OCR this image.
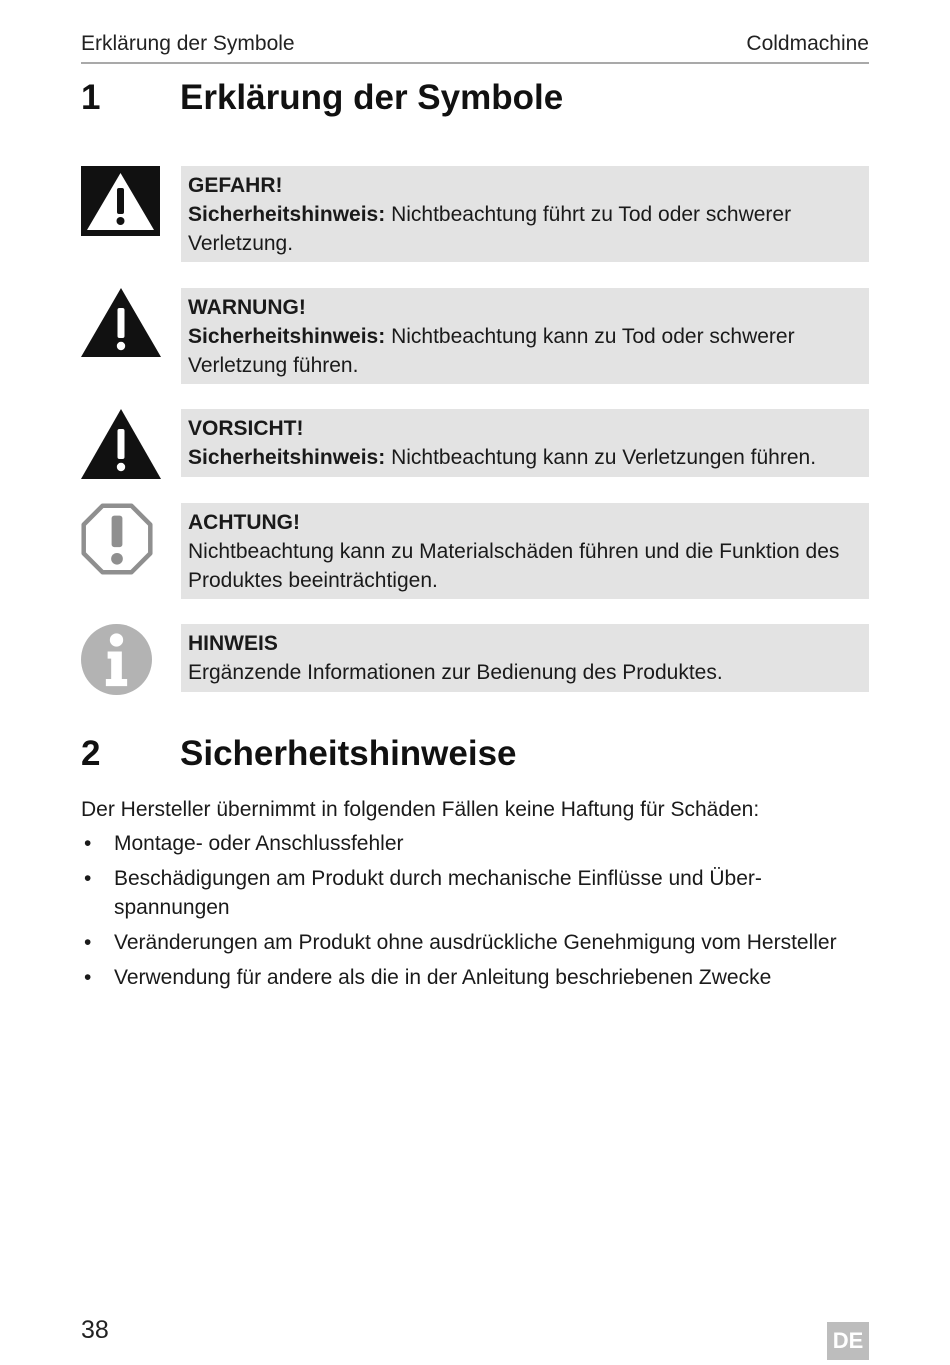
Erklärung der Symbole	Coldmachine
1 Erklärung der Symbole
GEFAHR!
Sicherheitshinweis: Nichtbeachtung führt zu Tod oder schwerer Verletzung.
WARNUNG!
Sicherheitshinweis: Nichtbeachtung kann zu Tod oder schwerer Verletzung führen.
VORSICHT!
Sicherheitshinweis: Nichtbeachtung kann zu Verletzungen führen.
ACHTUNG!
Nichtbeachtung kann zu Materialschäden führen und die Funktion des Produktes beeinträchtigen.
HINWEIS
Ergänzende Informationen zur Bedienung des Produktes.
2 Sicherheitshinweise
Der Hersteller übernimmt in folgenden Fällen keine Haftung für Schäden:
• Montage- oder Anschlussfehler
• Beschädigungen am Produkt durch mechanische Einflüsse und Überspannungen
• Veränderungen am Produkt ohne ausdrückliche Genehmigung vom Hersteller
• Verwendung für andere als die in der Anleitung beschriebenen Zwecke
38	DE
